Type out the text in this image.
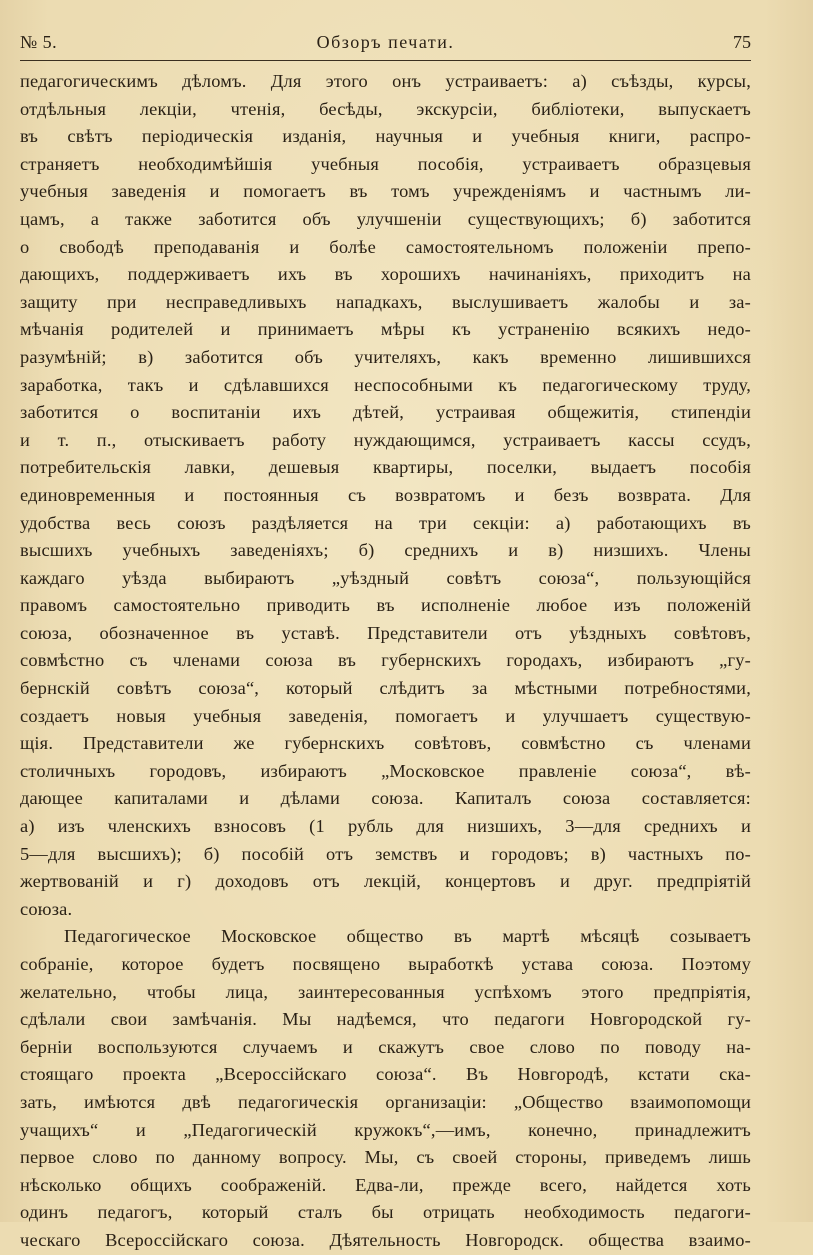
№ 5.	Обзоръ печати.	75

педагогическимъ дѣломъ. Для этого онъ устраиваетъ: а) съѣзды, курсы,

отдѣльныя лекціи, чтенія, бесѣды, экскурсіи, библіотеки, выпускаетъ

въ свѣтъ періодическія изданія, научныя и учебныя книги, распро-

страняетъ необходимѣйшія учебныя пособія, устраиваетъ образцевыя

учебныя заведенія и помогаетъ въ томъ учрежденіямъ и частнымъ ли-

цамъ, а также заботится объ улучшеніи существующихъ; б) заботится

о свободѣ преподаванія и болѣе самостоятельномъ положеніи препо-

дающихъ, поддерживаетъ ихъ въ хорошихъ начинаніяхъ, приходитъ на

защиту при несправедливыхъ нападкахъ, выслушиваетъ жалобы и за-

мѣчанія родителей и принимаетъ мѣры къ устраненію всякихъ недо-

разумѣній; в) заботится объ учителяхъ, какъ временно лишившихся

заработка, такъ и сдѣлавшихся неспособными къ педагогическому труду,

заботится о воспитаніи ихъ дѣтей, устраивая общежитія, стипендіи

и т. п., отыскиваетъ работу нуждающимся, устраиваетъ кассы ссудъ,

потребительскія лавки, дешевыя квартиры, поселки, выдаетъ пособія

единовременныя и постоянныя съ возвратомъ и безъ возврата. Для

удобства весь союзъ раздѣляется на три секціи: а) работающихъ въ

высшихъ учебныхъ заведеніяхъ; б) среднихъ и в) низшихъ. Члены

каждаго уѣзда выбираютъ „уѣздный совѣтъ союза“, пользующійся

правомъ самостоятельно приводить въ исполненіе любое изъ положеній

союза, обозначенное въ уставѣ. Представители отъ уѣздныхъ совѣтовъ,

совмѣстно съ членами союза въ губернскихъ городахъ, избираютъ „гу-

бернскій совѣтъ союза“, который слѣдитъ за мѣстными потребностями,

создаетъ новыя учебныя заведенія, помогаетъ и улучшаетъ существую-

щія. Представители же губернскихъ совѣтовъ, совмѣстно съ членами

столичныхъ городовъ, избираютъ „Московское правленіе союза“, вѣ-

дающее капиталами и дѣлами союза. Капиталъ союза составляется:

а) изъ членскихъ взносовъ (1 рубль для низшихъ, 3—для среднихъ и

5—для высшихъ); б) пособій отъ земствъ и городовъ; в) частныхъ по-

жертвованій и г) доходовъ отъ лекцій, концертовъ и друг. предпріятій

союза.

Педагогическое Московское общество въ мартѣ мѣсяцѣ созываетъ

собраніе, которое будетъ посвящено выработкѣ устава союза. Поэтому

желательно, чтобы лица, заинтересованныя успѣхомъ этого предпріятія,

сдѣлали свои замѣчанія. Мы надѣемся, что педагоги Новгородской гу-

берніи воспользуются случаемъ и скажутъ свое слово по поводу на-

стоящаго проекта „Всероссійскаго союза“. Въ Новгородѣ, кстати ска-

зать, имѣются двѣ педагогическія организаціи: „Общество взаимопомощи

учащихъ“ и „Педагогическій кружокъ“,—имъ, конечно, принадлежитъ

первое слово по данному вопросу. Мы, съ своей стороны, приведемъ лишь

нѣсколько общихъ соображеній. Едва-ли, прежде всего, найдется хоть

одинъ педагогъ, который сталъ бы отрицать необходимость педагоги-

ческаго Всероссійскаго союза. Дѣятельность Новгородск. общества взаимо-
